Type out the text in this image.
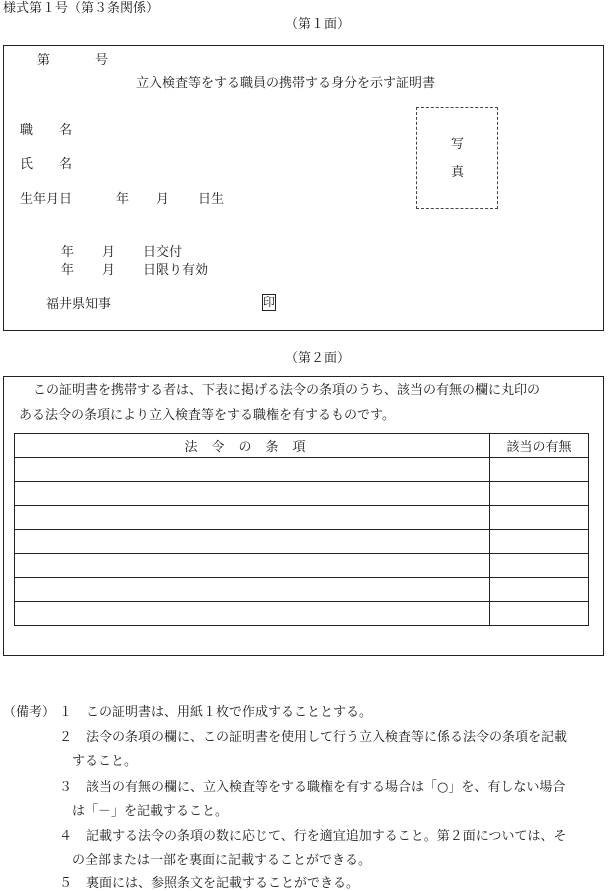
様式第１号（第３条関係）
（第１面）
第	号
立入検査等をする職員の携帯する身分を示す証明書
職　　名
氏　　名
生年月日	年 月 日生
写
真
年 月 日交付
年 月 日限り有効
福井県知事	印
（第２面）
この証明書を携帯する者は、下表に掲げる法令の条項のうち、該当の有無の欄に丸印の
ある法令の条項により立入検査等をする職権を有するものです。
法令の条項	該当の有無

（備考） １ この証明書は、用紙１枚で作成することとする。
２ 法令の条項の欄に、この証明書を使用して行う立入検査等に係る法令の条項を記載
すること。
３ 該当の有無の欄に、立入検査等をする職権を有する場合は「○」を、有しない場合
は「－」を記載すること。
４ 記載する法令の条項の数に応じて、行を適宜追加すること。第２面については、そ
の全部または一部を裏面に記載することができる。
５ 裏面には、参照条文を記載することができる。
